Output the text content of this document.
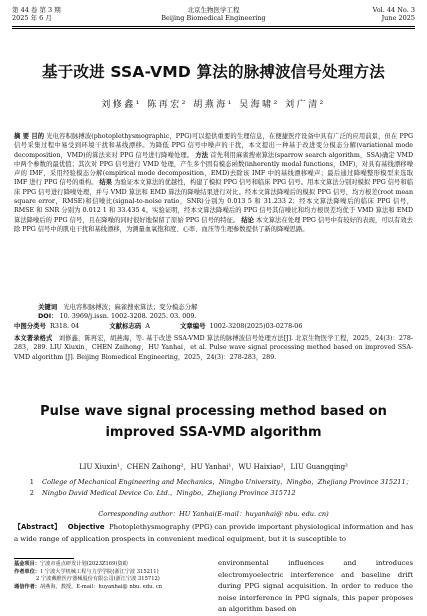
第 44 卷 第 3 期
2025 年 6 月
北京生物医学工程
Beijing Biomedical Engineering
Vol. 44 No. 3
June 2025
基于改进 SSA-VMD 算法的脉搏波信号处理方法
刘修鑫¹ 陈再宏² 胡燕海¹ 吴海啸² 刘广清²
摘 要 目的 光电容积脉搏波(photoplethysmographic，PPG)可以提供重要的生理信息，在便捷医疗设备中具有广泛的应用前景，但在 PPG 信号采集过程中易受到环境干扰和基线漂移。为降低 PPG 信号中噪声的干扰，本文提出一种基于改进变分模态分解(variational mode decomposition，VMD)的算法来对 PPG 信号进行降噪处理。 方法 首先利用麻雀搜索算法(sparrow search algorithm，SSA)确定 VMD 中两个参数的最优值；其次对 PPG 信号进行 VMD 处理，产生多个固有模态函数(inherently modal functions，IMF)，对具有基线漂移噪声的 IMF，采用经验模态分解(empirical mode decomposition，EMD)去除该 IMF 中的基线漂移噪声；最后通过降噪整形模型来选取 IMF 进行 PPG 信号的重构。 结果 为验证本文算法的优越性，构建了模拟 PPG 信号和临床 PPG 信号。用本文算法分别对模拟 PPG 信号和临床 PPG 信号进行降噪处理，并与 VMD 算法和 EMD 算法的降噪结果进行对比。经本文算法降噪后的模拟 PPG 信号，均方根差(root mean square error，RMSE)和信噪比(signal-to-noise ratio，SNR)分别为 0.013 5 和 31.233 2；经本文算法降噪后的临床 PPG 信号，RMSE 和 SNR 分别为 0.012 1 和 33.435 4。实验证明，经本文算法降噪后的 PPG 信号其信噪比和均方根误差均优于 VMD 算法和 EMD 算法降噪后的 PPG 信号，且在降噪的同时很好地保留了原始 PPG 信号的特征。 结论 本文算法在处理 PPG 信号中有较好的表现，可以有效去除 PPG 信号中的肌电干扰和基线漂移，为测量血氧饱和度、心率、血压等生理参数提供了新的降噪思路。
关键词 光电容积脉搏波；麻雀搜索算法；变分模态分解
DOI： 10. 3969/j.issn. 1002-3208. 2025. 03. 009.
中图分类号 R318. 04	文献标志码 A	文章编号 1002-3208(2025)03-0278-06
本文著录格式 刘修鑫，陈再宏，胡燕海，等. 基于改进 SSA-VMD 算法的脉搏波信号处理方法[J]. 北京生物医学工程，2025，24(3)：278-283，289. LIU Xiuxin，CHEN Zaihong，HU Yanhai，et al. Pulse wave signal processing method based on improved SSA-VMD algorithm [J]. Beijing Biomedical Engineering，2025，24(3)：278-283，289.
Pulse wave signal processing method based on improved SSA-VMD algorithm
LIU Xiuxin¹，CHEN Zaihong²，HU Yanhai¹，WU Haixiao²，LIU Guangqing²
1 College of Mechanical Engineering and Mechanics，Ningbo University，Ningbo，Zhejiang Province 315211；
2 Ningbo David Medical Device Co. Ltd.，Ningbo，Zhejiang Province 315712
Corresponding author：HU Yanhai(E-mail：huyanhai@ nbu. edu. cn)
【Abstract】 Objective Photoplethysmography (PPG) can provide important physiological information and has a wide range of application prospects in convenient medical equipment, but it is susceptible to
基金项目：宁波市重点研发计划(2023Z169)资助
作者单位：1 宁波大学机械工程与力学学院(浙江宁波 315211)
2 宁波戴维医疗器械股份有限公司(浙江宁波 315712)
通信作者：胡燕海，教授。E-mail：huyanhai@ nbu. edu. cn
environmental influences and introduces electromyoelectric interference and baseline drift during PPG signal acquisition. In order to reduce the noise interference in PPG signals, this paper proposes an algorithm based on
